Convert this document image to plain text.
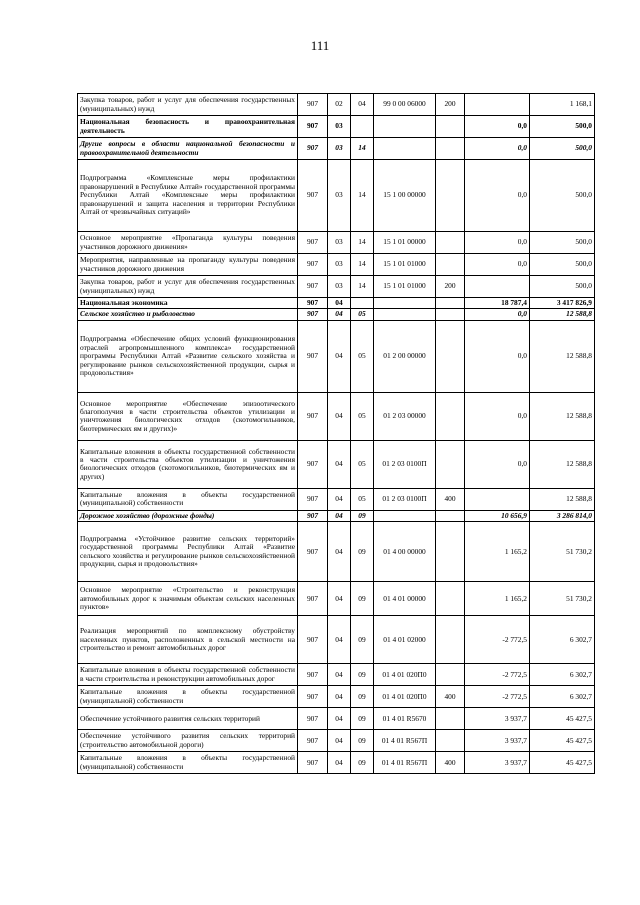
111
Закупка товаров, работ и услуг для обеспечения государственных (муниципальных) нужд	907	02	04	99 0 00 06000	200		1 168,1
Национальная безопасность и правоохранительная деятельность	907	03				0,0	500,0
Другие вопросы в области национальной безопасности и правоохранительной деятельности	907	03	14			0,0	500,0
Подпрограмма «Комплексные меры профилактики правонарушений в Республике Алтай» государственной программы Республики Алтай «Комплексные меры профилактики правонарушений и защита населения и территории Республики Алтай от чрезвычайных ситуаций»	907	03	14	15 1 00 00000		0,0	500,0
Основное мероприятие «Пропаганда культуры поведения участников дорожного движения»	907	03	14	15 1 01 00000		0,0	500,0
Мероприятия, направленные на пропаганду культуры поведения участников дорожного движения	907	03	14	15 1 01 01000		0,0	500,0
Закупка товаров, работ и услуг для обеспечения государственных (муниципальных) нужд	907	03	14	15 1 01 01000	200		500,0
Национальная экономика	907	04				18 787,4	3 417 826,9
Сельское хозяйство и рыболовство	907	04	05			0,0	12 588,8
Подпрограмма «Обеспечение общих условий функционирования отраслей агропромышленного комплекса» государственной программы Республики Алтай «Развитие сельского хозяйства и регулирование рынков сельскохозяйственной продукции, сырья и продовольствия»	907	04	05	01 2 00 00000		0,0	12 588,8
Основное мероприятие «Обеспечение эпизоотического благополучия в части строительства объектов утилизации и уничтожения биологических отходов (скотомогильников, биотермических ям и других)»	907	04	05	01 2 03 00000		0,0	12 588,8
Капитальные вложения в объекты государственной собственности в части строительства объектов утилизации и уничтожения биологических отходов (скотомогильников, биотермических ям и других)	907	04	05	01 2 03 0100П		0,0	12 588,8
Капитальные вложения в объекты государственной (муниципальной) собственности	907	04	05	01 2 03 0100П	400		12 588,8
Дорожное хозяйство (дорожные фонды)	907	04	09			10 656,9	3 286 814,0
Подпрограмма «Устойчивое развитие сельских территорий» государственной программы Республики Алтай «Развитие сельского хозяйства и регулирование рынков сельскохозяйственной продукции, сырья и продовольствия»	907	04	09	01 4 00 00000		1 165,2	51 730,2
Основное мероприятие «Строительство и реконструкция автомобильных дорог к значимым объектам сельских населенных пунктов»	907	04	09	01 4 01 00000		1 165,2	51 730,2
Реализация мероприятий по комплексному обустройству населенных пунктов, расположенных в сельской местности на строительство и ремонт автомобильных дорог	907	04	09	01 4 01 02000		-2 772,5	6 302,7
Капитальные вложения в объекты государственной собственности в части строительства и реконструкции автомобильных дорог	907	04	09	01 4 01 020П0		-2 772,5	6 302,7
Капитальные вложения в объекты государственной (муниципальной) собственности	907	04	09	01 4 01 020П0	400	-2 772,5	6 302,7
Обеспечение устойчивого развития сельских территорий	907	04	09	01 4 01 R5670		3 937,7	45 427,5
Обеспечение устойчивого развития сельских территорий (строительство автомобильной дороги)	907	04	09	01 4 01 R567П		3 937,7	45 427,5
Капитальные вложения в объекты государственной (муниципальной) собственности	907	04	09	01 4 01 R567П	400	3 937,7	45 427,5
